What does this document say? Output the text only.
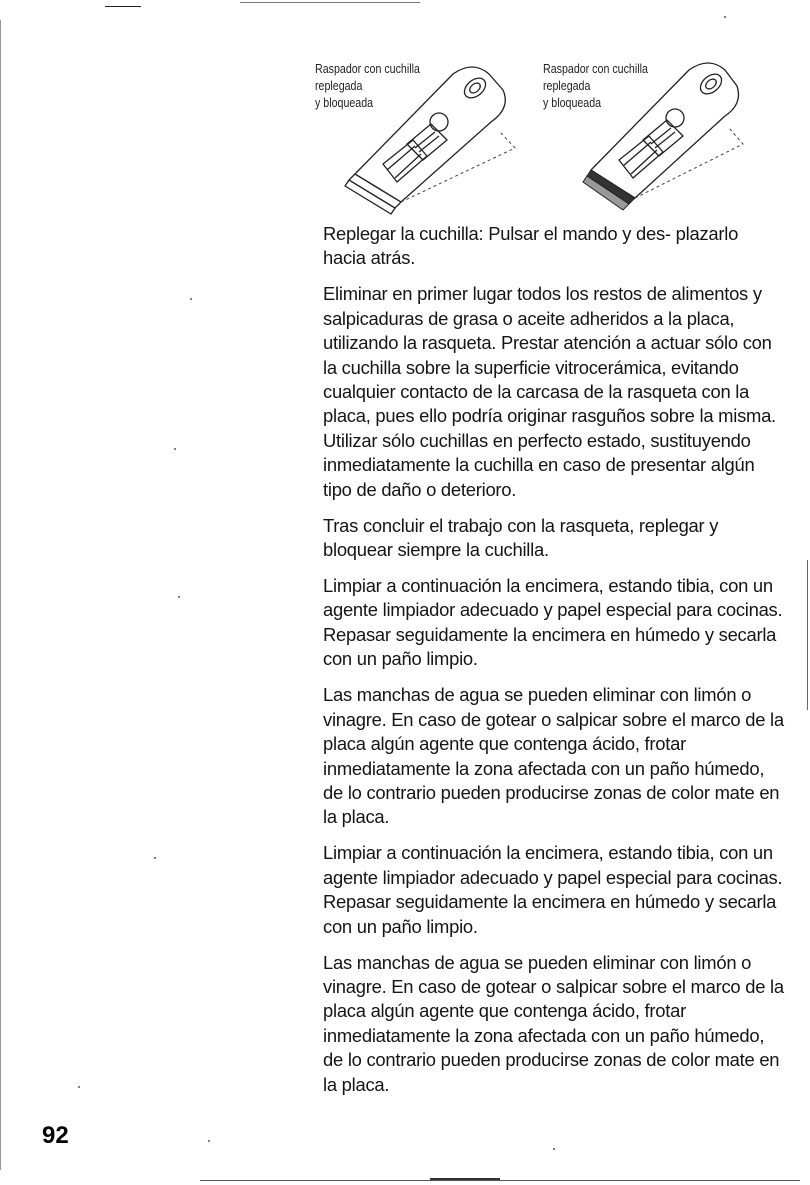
Raspador con cuchilla
replegada
y bloqueada
Raspador con cuchilla
replegada
y bloqueada

Replegar la cuchilla: Pulsar el mando y des- plazarlo hacia atrás.

Eliminar en primer lugar todos los restos de alimentos y salpicaduras de grasa o aceite adheridos a la placa, utilizando la rasqueta. Prestar atención a actuar sólo con la cuchilla sobre la superficie vitrocerámica, evitando cualquier contacto de la carcasa de la rasqueta con la placa, pues ello podría originar rasguños sobre la misma. Utilizar sólo cuchillas en perfecto estado, sustituyendo inmediatamente la cuchilla en caso de presentar algún tipo de daño o deterioro.

Tras concluir el trabajo con la rasqueta, replegar y bloquear siempre la cuchilla.

Limpiar a continuación la encimera, estando tibia, con un agente limpiador adecuado y papel especial para cocinas. Repasar seguidamente la encimera en húmedo y secarla con un paño limpio.

Las manchas de agua se pueden eliminar con limón o vinagre. En caso de gotear o salpicar sobre el marco de la placa algún agente que contenga ácido, frotar inmediatamente la zona afectada con un paño húmedo, de lo contrario pueden producirse zonas de color mate en la placa.

Limpiar a continuación la encimera, estando tibia, con un agente limpiador adecuado y papel especial para cocinas. Repasar seguidamente la encimera en húmedo y secarla con un paño limpio.

Las manchas de agua se pueden eliminar con limón o vinagre. En caso de gotear o salpicar sobre el marco de la placa algún agente que contenga ácido, frotar inmediatamente la zona afectada con un paño húmedo, de lo contrario pueden producirse zonas de color mate en la placa.

92
